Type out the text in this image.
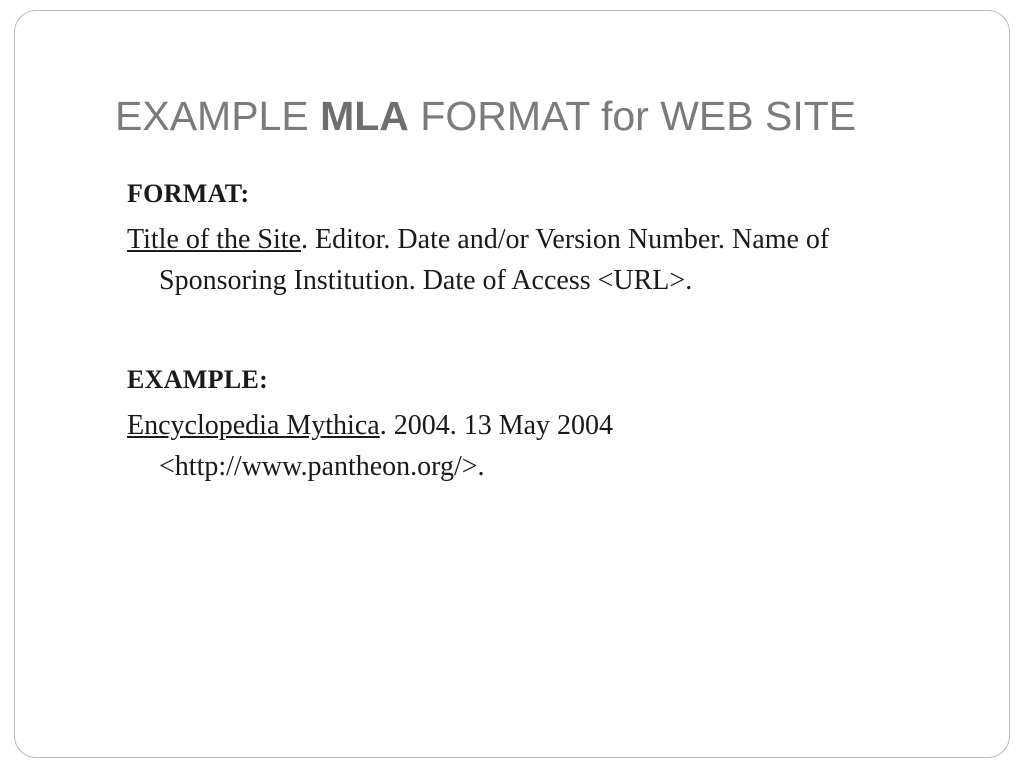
EXAMPLE MLA FORMAT for WEB SITE

FORMAT:

Title of the Site. Editor. Date and/or Version Number. Name of
Sponsoring Institution. Date of Access <URL>.

EXAMPLE:

Encyclopedia Mythica. 2004. 13 May 2004
<http://www.pantheon.org/>.
